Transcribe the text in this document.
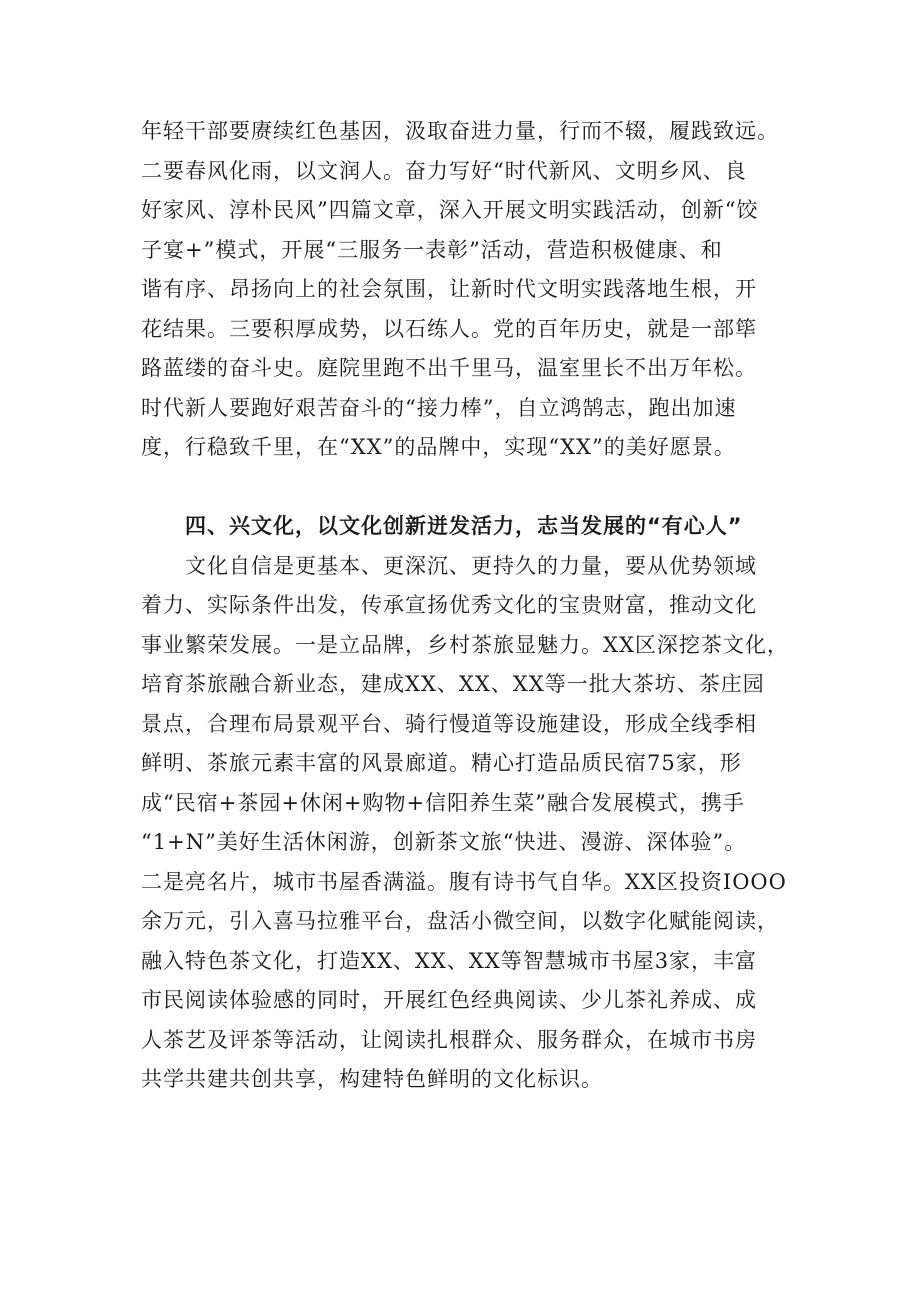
年轻干部要赓续红色基因，汲取奋进力量，行而不辍，履践致远。
二要春风化雨，以文润人。奋力写好“时代新风、文明乡风、良
好家风、淳朴民风”四篇文章，深入开展文明实践活动，创新“饺
子宴+”模式，开展“三服务一表彰”活动，营造积极健康、和
谐有序、昂扬向上的社会氛围，让新时代文明实践落地生根，开
花结果。三要积厚成势，以石练人。党的百年历史，就是一部筚
路蓝缕的奋斗史。庭院里跑不出千里马，温室里长不出万年松。
时代新人要跑好艰苦奋斗的“接力棒”，自立鸿鹄志，跑出加速
度，行稳致千里，在“XX”的品牌中，实现“XX”的美好愿景。
四、兴文化，以文化创新迸发活力，志当发展的“有心人”
文化自信是更基本、更深沉、更持久的力量，要从优势领域
着力、实际条件出发，传承宣扬优秀文化的宝贵财富，推动文化
事业繁荣发展。一是立品牌，乡村茶旅显魅力。XX区深挖茶文化，
培育茶旅融合新业态，建成XX、XX、XX等一批大茶坊、茶庄园
景点，合理布局景观平台、骑行慢道等设施建设，形成全线季相
鲜明、茶旅元素丰富的风景廊道。精心打造品质民宿75家，形
成“民宿+茶园+休闲+购物+信阳养生菜”融合发展模式，携手
“1+N”美好生活休闲游，创新茶文旅“快进、漫游、深体验”。
二是亮名片，城市书屋香满溢。腹有诗书气自华。XX区投资IOOO
余万元，引入喜马拉雅平台，盘活小微空间，以数字化赋能阅读，
融入特色茶文化，打造XX、XX、XX等智慧城市书屋3家，丰富
市民阅读体验感的同时，开展红色经典阅读、少儿茶礼养成、成
人茶艺及评茶等活动，让阅读扎根群众、服务群众，在城市书房
共学共建共创共享，构建特色鲜明的文化标识。
